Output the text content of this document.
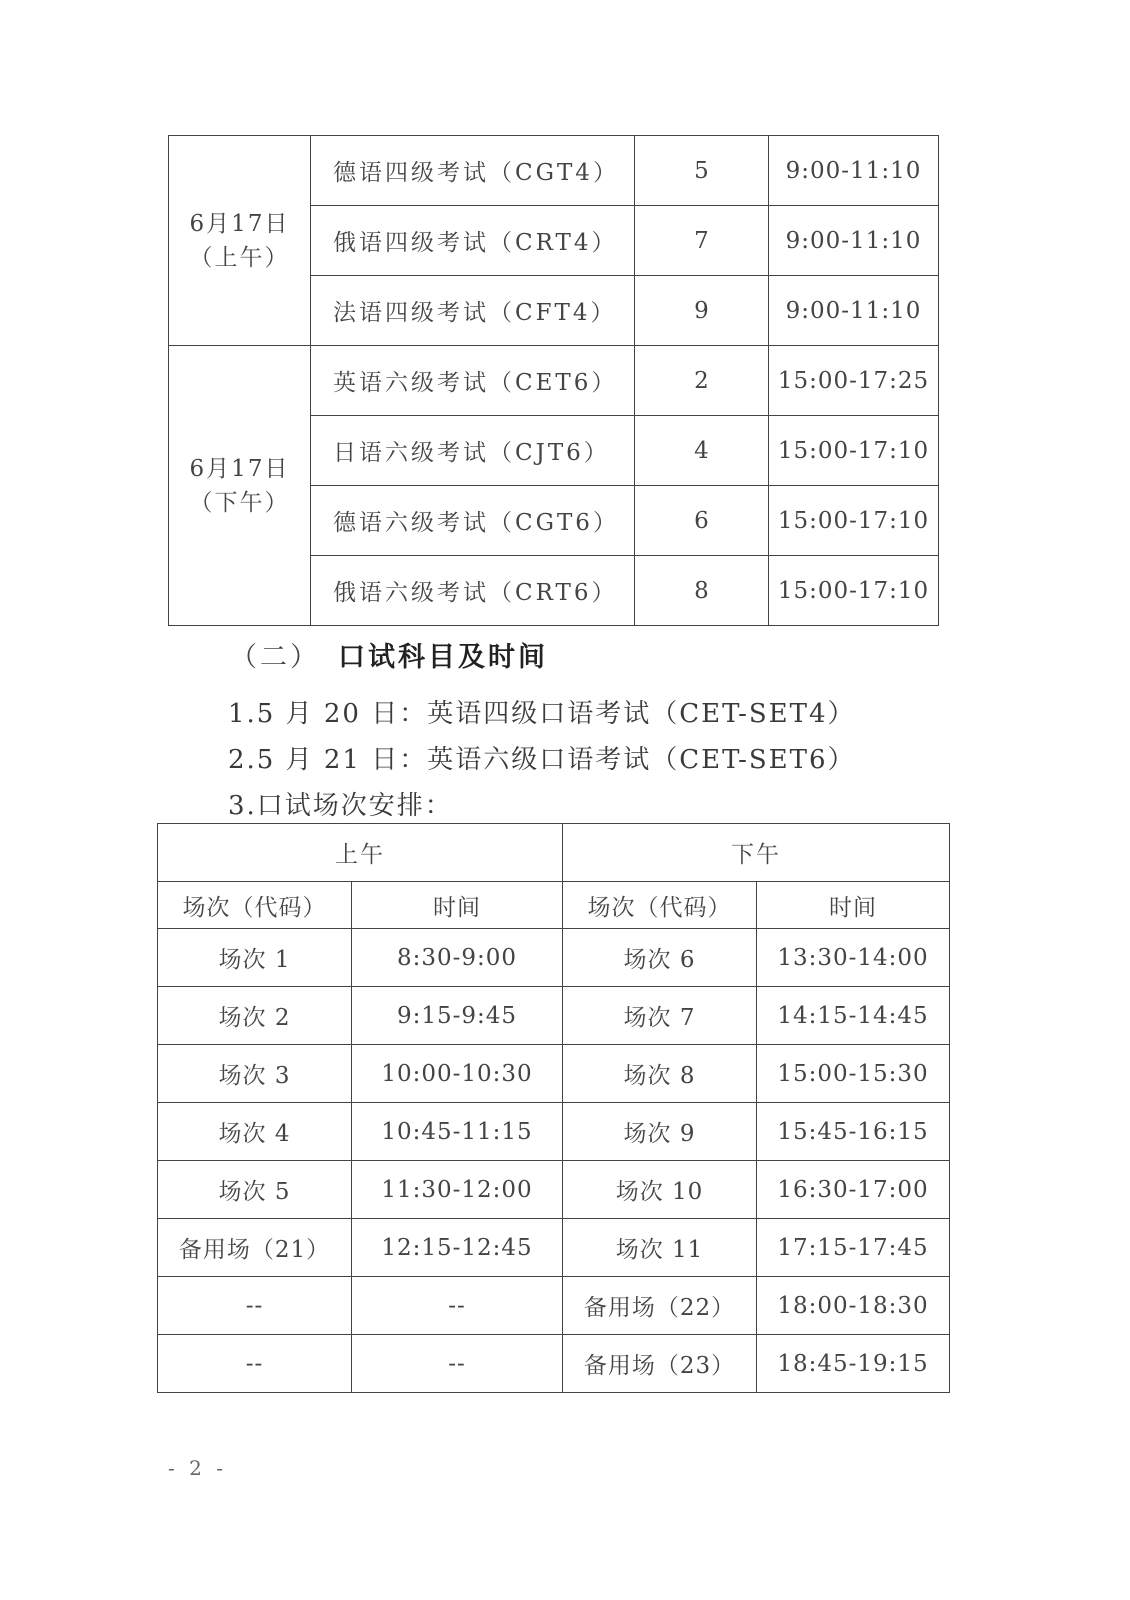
6月17日
（上午）	德语四级考试（CGT4）	5	9:00-11:10
	俄语四级考试（CRT4）	7	9:00-11:10
	法语四级考试（CFT4）	9	9:00-11:10

6月17日
（下午）	英语六级考试（CET6）	2	15:00-17:25
	日语六级考试（CJT6）	4	15:00-17:10
	德语六级考试（CGT6）	6	15:00-17:10
	俄语六级考试（CRT6）	8	15:00-17:10
（二） 口试科目及时间
1.5 月 20 日：英语四级口语考试（CET-SET4）
2.5 月 21 日：英语六级口语考试（CET-SET6）
3.口试场次安排：
上午		下午	
场次（代码）	时间	场次（代码）	时间
场次 1	8:30-9:00	场次 6	13:30-14:00
场次 2	9:15-9:45	场次 7	14:15-14:45
场次 3	10:00-10:30	场次 8	15:00-15:30
场次 4	10:45-11:15	场次 9	15:45-16:15
场次 5	11:30-12:00	场次 10	16:30-17:00
备用场（21）	12:15-12:45	场次 11	17:15-17:45
--	--	备用场（22）	18:00-18:30
--	--	备用场（23）	18:45-19:15
- 2 -
